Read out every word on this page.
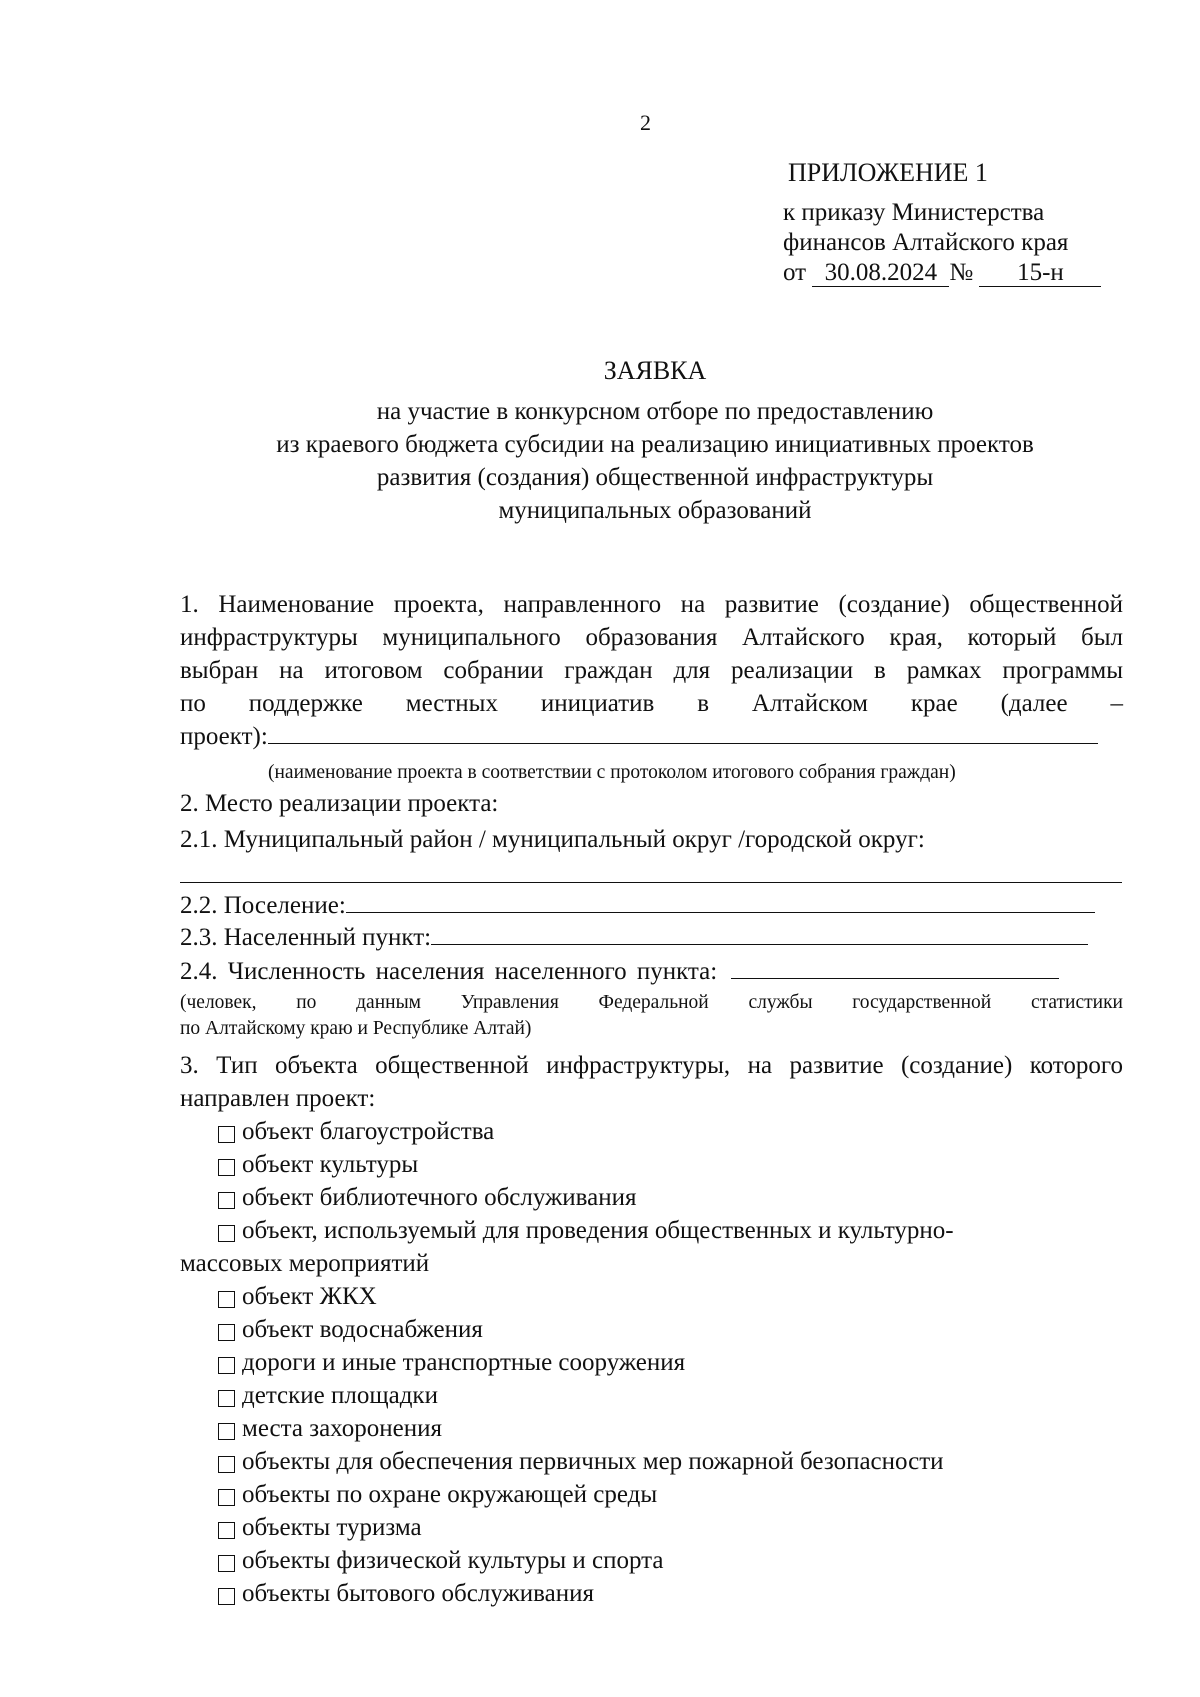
2
ПРИЛОЖЕНИЕ 1
к приказу Министерства
финансов Алтайского края
от 30.08.2024 № 15-н
ЗАЯВКА
на участие в конкурсном отборе по предоставлению
из краевого бюджета субсидии на реализацию инициативных проектов
развития (создания) общественной инфраструктуры
муниципальных образований
1. Наименование проекта, направленного на развитие (создание) общественной
инфраструктуры муниципального образования Алтайского края, который был
выбран на итоговом собрании граждан для реализации в рамках программы
по поддержке местных инициатив в Алтайском крае (далее –
проект):
(наименование проекта в соответствии с протоколом итогового собрания граждан)
2. Место реализации проекта:
2.1. Муниципальный район / муниципальный округ /городской округ:
2.2. Поселение:
2.3. Населенный пункт:
2.4. Численность населения населенного пункта:
(человек, по данным Управления Федеральной службы государственной статистики
по Алтайскому краю и Республике Алтай)
3. Тип объекта общественной инфраструктуры, на развитие (создание) которого
направлен проект:
объект благоустройства
объект культуры
объект библиотечного обслуживания
объект, используемый для проведения общественных и культурно-
массовых мероприятий
объект ЖКХ
объект водоснабжения
дороги и иные транспортные сооружения
детские площадки
места захоронения
объекты для обеспечения первичных мер пожарной безопасности
объекты по охране окружающей среды
объекты туризма
объекты физической культуры и спорта
объекты бытового обслуживания
